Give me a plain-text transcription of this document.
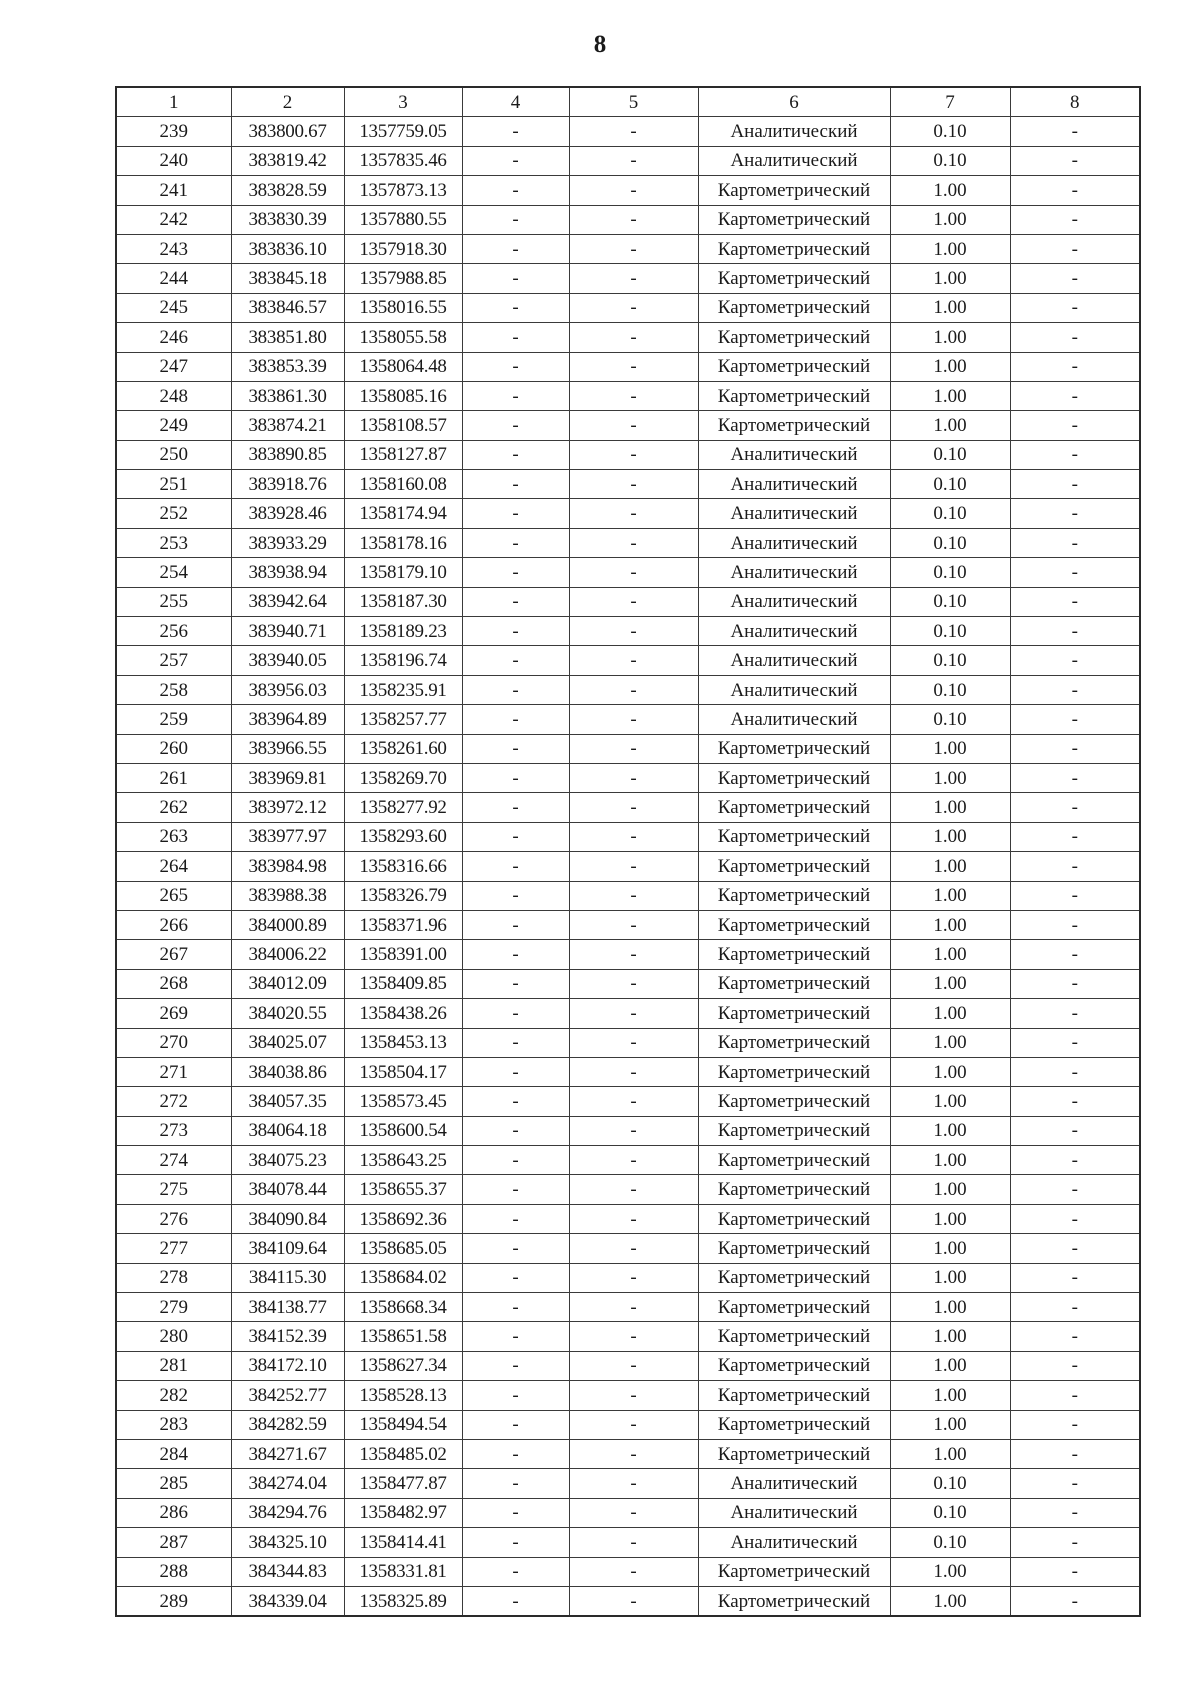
8
1	2	3	4	5	6	7	8
239	383800.67	1357759.05	-	-	Аналитический	0.10	-
240	383819.42	1357835.46	-	-	Аналитический	0.10	-
241	383828.59	1357873.13	-	-	Картометрический	1.00	-
242	383830.39	1357880.55	-	-	Картометрический	1.00	-
243	383836.10	1357918.30	-	-	Картометрический	1.00	-
244	383845.18	1357988.85	-	-	Картометрический	1.00	-
245	383846.57	1358016.55	-	-	Картометрический	1.00	-
246	383851.80	1358055.58	-	-	Картометрический	1.00	-
247	383853.39	1358064.48	-	-	Картометрический	1.00	-
248	383861.30	1358085.16	-	-	Картометрический	1.00	-
249	383874.21	1358108.57	-	-	Картометрический	1.00	-
250	383890.85	1358127.87	-	-	Аналитический	0.10	-
251	383918.76	1358160.08	-	-	Аналитический	0.10	-
252	383928.46	1358174.94	-	-	Аналитический	0.10	-
253	383933.29	1358178.16	-	-	Аналитический	0.10	-
254	383938.94	1358179.10	-	-	Аналитический	0.10	-
255	383942.64	1358187.30	-	-	Аналитический	0.10	-
256	383940.71	1358189.23	-	-	Аналитический	0.10	-
257	383940.05	1358196.74	-	-	Аналитический	0.10	-
258	383956.03	1358235.91	-	-	Аналитический	0.10	-
259	383964.89	1358257.77	-	-	Аналитический	0.10	-
260	383966.55	1358261.60	-	-	Картометрический	1.00	-
261	383969.81	1358269.70	-	-	Картометрический	1.00	-
262	383972.12	1358277.92	-	-	Картометрический	1.00	-
263	383977.97	1358293.60	-	-	Картометрический	1.00	-
264	383984.98	1358316.66	-	-	Картометрический	1.00	-
265	383988.38	1358326.79	-	-	Картометрический	1.00	-
266	384000.89	1358371.96	-	-	Картометрический	1.00	-
267	384006.22	1358391.00	-	-	Картометрический	1.00	-
268	384012.09	1358409.85	-	-	Картометрический	1.00	-
269	384020.55	1358438.26	-	-	Картометрический	1.00	-
270	384025.07	1358453.13	-	-	Картометрический	1.00	-
271	384038.86	1358504.17	-	-	Картометрический	1.00	-
272	384057.35	1358573.45	-	-	Картометрический	1.00	-
273	384064.18	1358600.54	-	-	Картометрический	1.00	-
274	384075.23	1358643.25	-	-	Картометрический	1.00	-
275	384078.44	1358655.37	-	-	Картометрический	1.00	-
276	384090.84	1358692.36	-	-	Картометрический	1.00	-
277	384109.64	1358685.05	-	-	Картометрический	1.00	-
278	384115.30	1358684.02	-	-	Картометрический	1.00	-
279	384138.77	1358668.34	-	-	Картометрический	1.00	-
280	384152.39	1358651.58	-	-	Картометрический	1.00	-
281	384172.10	1358627.34	-	-	Картометрический	1.00	-
282	384252.77	1358528.13	-	-	Картометрический	1.00	-
283	384282.59	1358494.54	-	-	Картометрический	1.00	-
284	384271.67	1358485.02	-	-	Картометрический	1.00	-
285	384274.04	1358477.87	-	-	Аналитический	0.10	-
286	384294.76	1358482.97	-	-	Аналитический	0.10	-
287	384325.10	1358414.41	-	-	Аналитический	0.10	-
288	384344.83	1358331.81	-	-	Картометрический	1.00	-
289	384339.04	1358325.89	-	-	Картометрический	1.00	-
